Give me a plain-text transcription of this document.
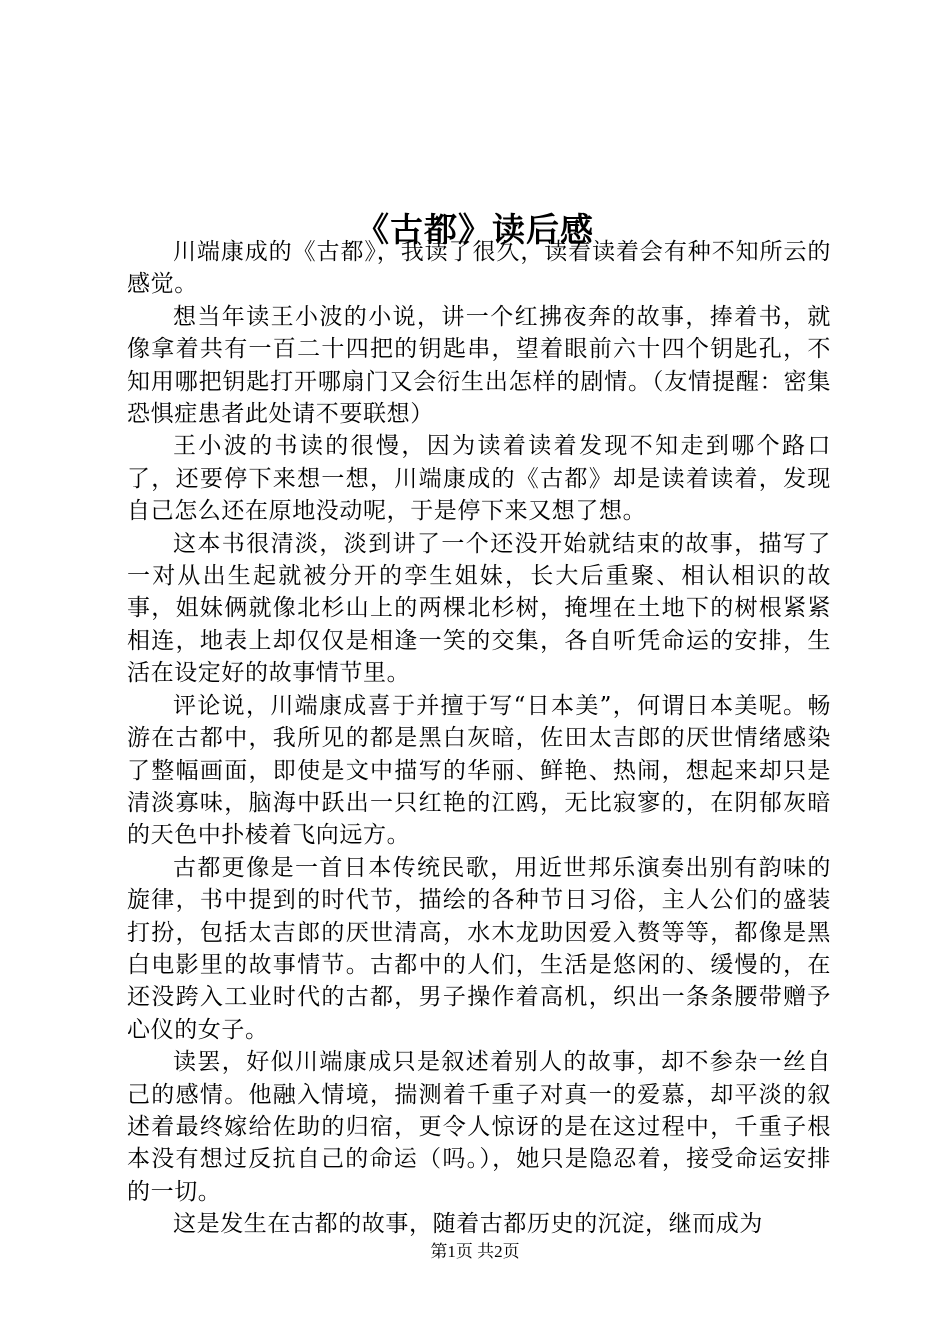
《古都》读后感

川端康成的《古都》，我读了很久，读着读着会有种不知所云的感觉。

想当年读王小波的小说，讲一个红拂夜奔的故事，捧着书，就像拿着共有一百二十四把的钥匙串，望着眼前六十四个钥匙孔，不知用哪把钥匙打开哪扇门又会衍生出怎样的剧情。（友情提醒：密集恐惧症患者此处请不要联想）

王小波的书读的很慢，因为读着读着发现不知走到哪个路口了，还要停下来想一想，川端康成的《古都》却是读着读着，发现自己怎么还在原地没动呢，于是停下来又想了想。

这本书很清淡，淡到讲了一个还没开始就结束的故事，描写了一对从出生起就被分开的孪生姐妹，长大后重聚、相认相识的故事，姐妹俩就像北杉山上的两棵北杉树，掩埋在土地下的树根紧紧相连，地表上却仅仅是相逢一笑的交集，各自听凭命运的安排，生活在设定好的故事情节里。

评论说，川端康成喜于并擅于写“日本美”，何谓日本美呢。畅游在古都中，我所见的都是黑白灰暗，佐田太吉郎的厌世情绪感染了整幅画面，即使是文中描写的华丽、鲜艳、热闹，想起来却只是清淡寡味，脑海中跃出一只红艳的江鸥，无比寂寥的，在阴郁灰暗的天色中扑棱着飞向远方。

古都更像是一首日本传统民歌，用近世邦乐演奏出别有韵味的旋律，书中提到的时代节，描绘的各种节日习俗，主人公们的盛装打扮，包括太吉郎的厌世清高，水木龙助因爱入赘等等，都像是黑白电影里的故事情节。古都中的人们，生活是悠闲的、缓慢的，在还没跨入工业时代的古都，男子操作着高机，织出一条条腰带赠予心仪的女子。

读罢，好似川端康成只是叙述着别人的故事，却不参杂一丝自己的感情。他融入情境，揣测着千重子对真一的爱慕，却平淡的叙述着最终嫁给佐助的归宿，更令人惊讶的是在这过程中，千重子根本没有想过反抗自己的命运（吗。），她只是隐忍着，接受命运安排的一切。

这是发生在古都的故事，随着古都历史的沉淀，继而成为

第1页 共2页
